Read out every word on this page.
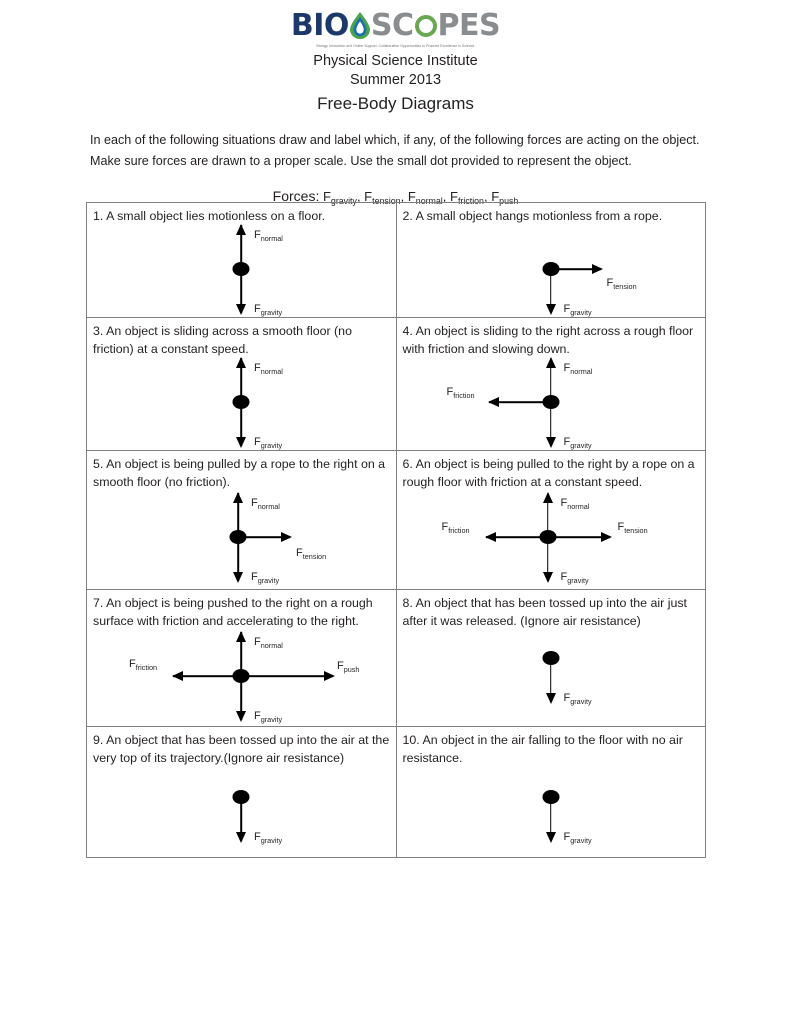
BIO SC PES
Biology Instruction and Online Support: Collaborative Opportunities to Promote Excellence in Science
Physical Science Institute
Summer 2013
Free-Body Diagrams

In each of the following situations draw and label which, if any, of the following forces are acting on the object.

Make sure forces are drawn to a proper scale. Use the small dot provided to represent the object.

Forces: $F_{gravity}$, $F_{tension}$, $F_{normal}$, $F_{friction}$, $F_{push}$
1. A small object lies motionless on a floor.
$F_{normal}$
$F_{gravity}$

2. A small object hangs motionless from a rope.
$F_{tension}$
$F_{gravity}$

3. An object is sliding across a smooth floor (no friction) at a constant speed.
$F_{normal}$
$F_{gravity}$

4. An object is sliding to the right across a rough floor with friction and slowing down.
$F_{normal}$
$F_{friction}$
$F_{gravity}$

5. An object is being pulled by a rope to the right on a smooth floor (no friction).
$F_{normal}$
$F_{tension}$
$F_{gravity}$

6. An object is being pulled to the right by a rope on a rough floor with friction at a constant speed.
$F_{normal}$
$F_{friction}$	$F_{tension}$
$F_{gravity}$

7. An object is being pushed to the right on a rough surface with friction and accelerating to the right.
$F_{normal}$
$F_{friction}$	$F_{push}$
$F_{gravity}$

8. An object that has been tossed up into the air just after it was released. (Ignore air resistance)
$F_{gravity}$

9. An object that has been tossed up into the air at the very top of its trajectory.(Ignore air resistance)
$F_{gravity}$

10. An object in the air falling to the floor with no air resistance.
$F_{gravity}$
